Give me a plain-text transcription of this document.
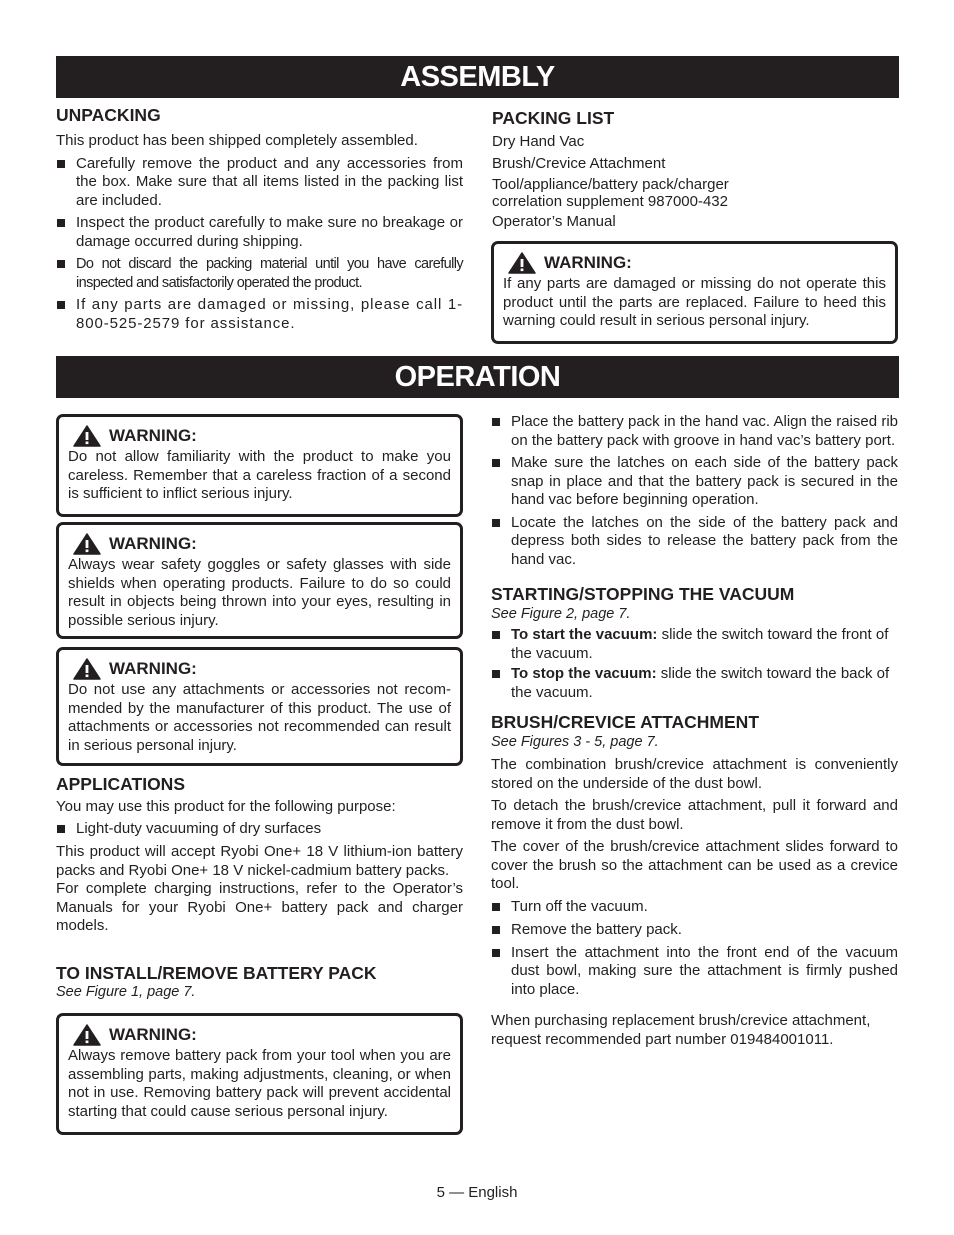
ASSEMBLY
UNPACKING

This product has been shipped completely assembled.

Carefully remove the product and any accessories from the box. Make sure that all items listed in the packing list are included.
Inspect the product carefully to make sure no breakage or damage occurred during shipping.
Do not discard the packing material until you have carefully inspected and satisfactorily operated the product.
If any parts are damaged or missing, please call 1-800-525-2579 for assistance.
PACKING LIST

Dry Hand Vac

Brush/Crevice Attachment

Tool/appliance/battery pack/charger correlation supplement 987000-432

Operator’s Manual

WARNING:

If any parts are damaged or missing do not operate this product until the parts are replaced. Failure to heed this warning could result in serious personal injury.

OPERATION
WARNING:

Do not allow familiarity with the product to make you careless. Remember that a careless fraction of a second is sufficient to inflict serious injury.

WARNING:

Always wear safety goggles or safety glasses with side shields when operating products. Failure to do so could result in objects being thrown into your eyes, resulting in possible serious injury.

WARNING:

Do not use any attachments or accessories not recom-mended by the manufacturer of this product. The use of attachments or accessories not recommended can result in serious personal injury.

APPLICATIONS

You may use this product for the following purpose:

Light-duty vacuuming of dry surfaces

This product will accept Ryobi One+ 18 V lithium-ion battery packs and Ryobi One+ 18 V nickel-cadmium battery packs.

For complete charging instructions, refer to the Operator’s Manuals for your Ryobi One+ battery pack and charger models.

TO INSTALL/REMOVE BATTERY PACK

See Figure 1, page 7.

WARNING:

Always remove battery pack from your tool when you are assembling parts, making adjustments, cleaning, or when not in use. Removing battery pack will prevent accidental starting that could cause serious personal injury.

Place the battery pack in the hand vac. Align the raised rib on the battery pack with groove in hand vac’s battery port.
Make sure the latches on each side of the battery pack snap in place and that the battery pack is secured in the hand vac before beginning operation.
Locate the latches on the side of the battery pack and depress both sides to release the battery pack from the hand vac.
STARTING/STOPPING THE VACUUM

See Figure 2, page 7.

To start the vacuum: slide the switch toward the front of the vacuum.
To stop the vacuum: slide the switch toward the back of the vacuum.
BRUSH/CREVICE ATTACHMENT

See Figures 3 - 5, page 7.

The combination brush/crevice attachment is conveniently stored on the underside of the dust bowl.

To detach the brush/crevice attachment, pull it forward and remove it from the dust bowl.

The cover of the brush/crevice attachment slides forward to cover the brush so the attachment can be used as a crevice tool.

Turn off the vacuum.
Remove the battery pack.
Insert the attachment into the front end of the vacuum dust bowl, making sure the attachment is firmly pushed into place.

When purchasing replacement brush/crevice attachment, request recommended part number 019484001011.

5 — English
